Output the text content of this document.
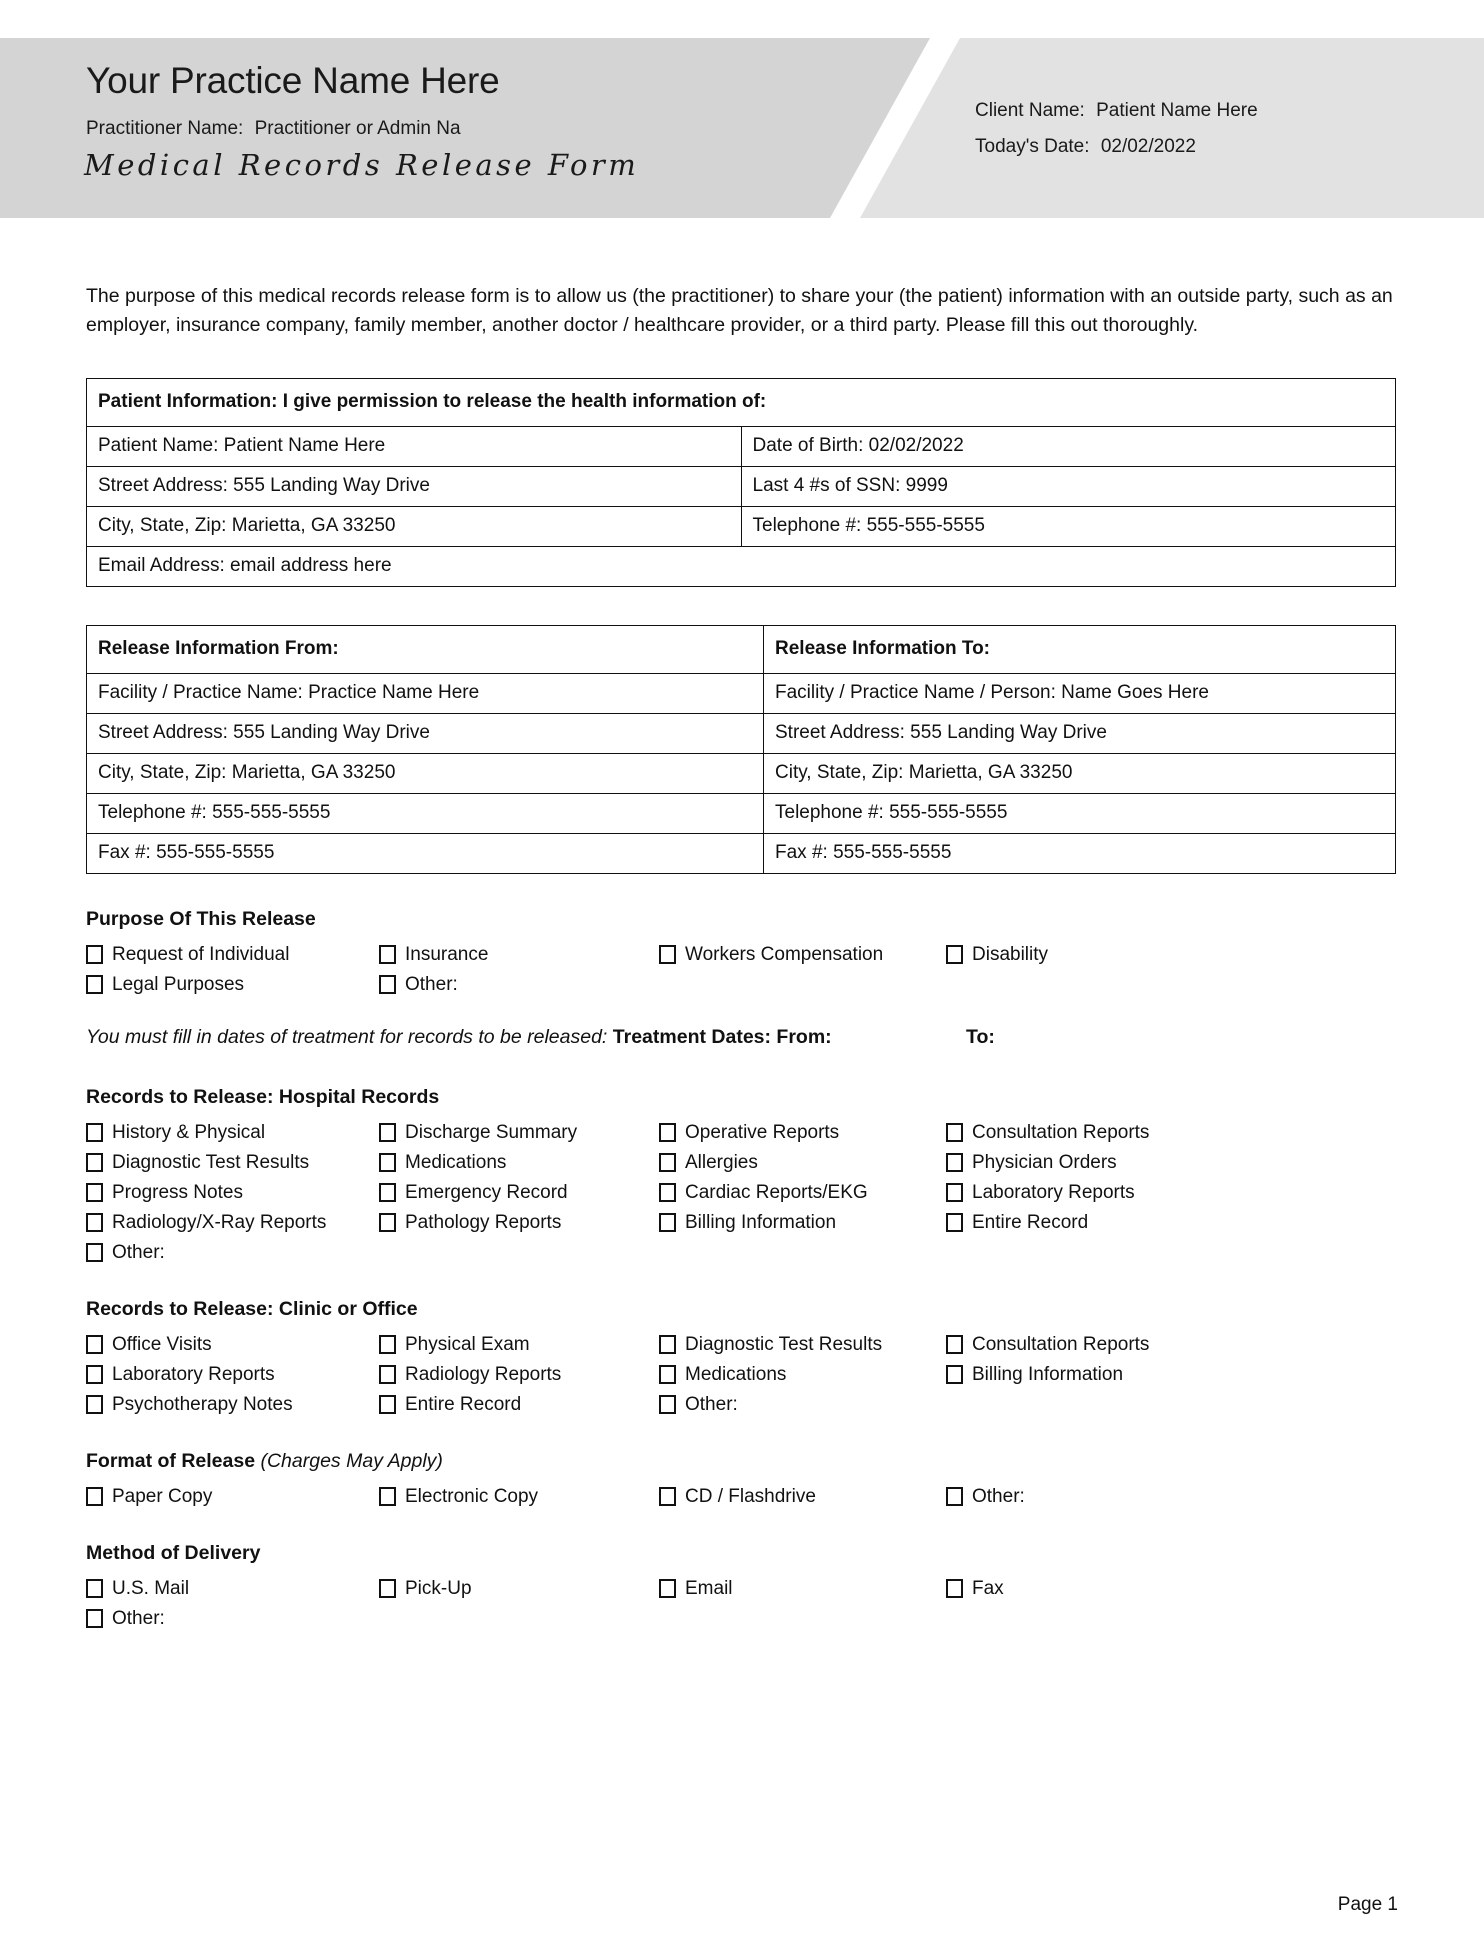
Your Practice Name Here
Practitioner Name: Practitioner or Admin Na
Medical Records Release Form
Client Name: Patient Name Here
Today's Date: 02/02/2022
The purpose of this medical records release form is to allow us (the practitioner) to share your (the patient) information with an outside party, such as an employer, insurance company, family member, another doctor / healthcare provider, or a third party. Please fill this out thoroughly.
Patient Information: I give permission to release the health information of:	
Patient Name: Patient Name Here	Date of Birth: 02/02/2022
Street Address: 555 Landing Way Drive	Last 4 #s of SSN: 9999
City, State, Zip: Marietta, GA 33250	Telephone #: 555-555-5555
Email Address: email address here	
Release Information From:	Release Information To:
Facility / Practice Name: Practice Name Here	Facility / Practice Name / Person: Name Goes Here
Street Address: 555 Landing Way Drive	Street Address: 555 Landing Way Drive
City, State, Zip: Marietta, GA 33250	City, State, Zip: Marietta, GA 33250
Telephone #: 555-555-5555	Telephone #: 555-555-5555
Fax #: 555-555-5555	Fax #: 555-555-5555
Purpose Of This Release
Request of Individual	Insurance	Workers Compensation	Disability
Legal Purposes	Other:
You must fill in dates of treatment for records to be released: Treatment Dates: From:	To:
Records to Release: Hospital Records
History & Physical	Discharge Summary	Operative Reports	Consultation Reports
Diagnostic Test Results	Medications	Allergies	Physician Orders
Progress Notes	Emergency Record	Cardiac Reports/EKG	Laboratory Reports
Radiology/X-Ray Reports	Pathology Reports	Billing Information	Entire Record
Other:
Records to Release: Clinic or Office
Office Visits	Physical Exam	Diagnostic Test Results	Consultation Reports
Laboratory Reports	Radiology Reports	Medications	Billing Information
Psychotherapy Notes	Entire Record	Other:
Format of Release (Charges May Apply)
Paper Copy	Electronic Copy	CD / Flashdrive	Other:
Method of Delivery
U.S. Mail	Pick-Up	Email	Fax
Other:
Page 1
